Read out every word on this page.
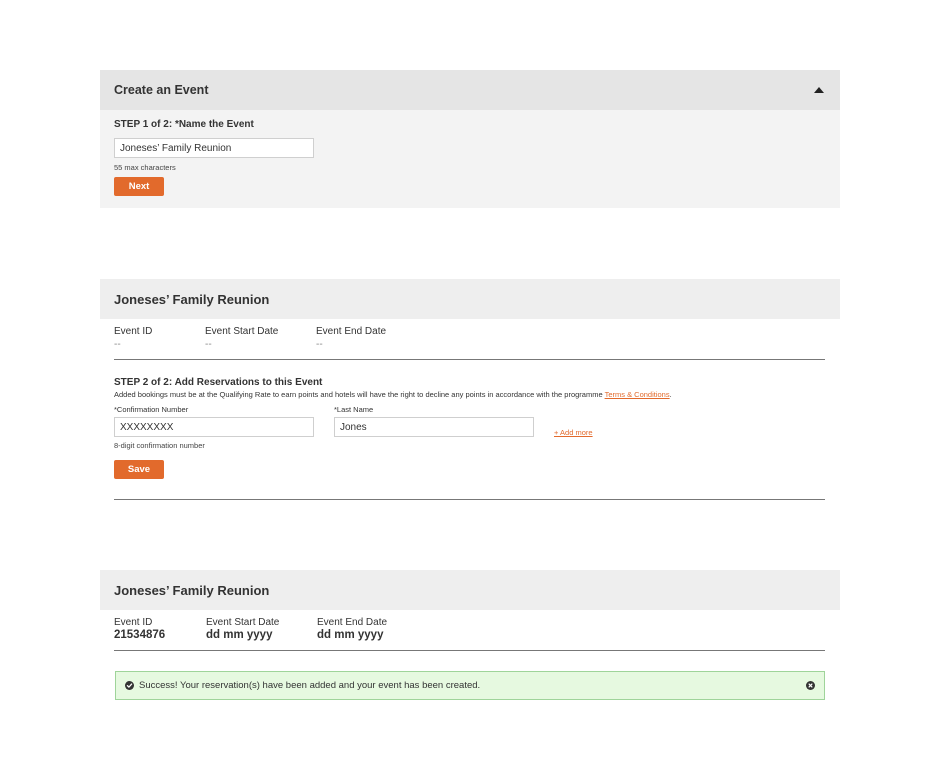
Create an Event
STEP 1 of 2: *Name the Event
Joneses’ Family Reunion
55 max characters
Next
Joneses’ Family Reunion
Event ID
--
Event Start Date
--
Event End Date
--
STEP 2 of 2: Add Reservations to this Event
Added bookings must be at the Qualifying Rate to earn points and hotels will have the right to decline any points in accordance with the programme Terms & Conditions.
*Confirmation Number
XXXXXXXX
8-digit confirmation number
*Last Name
Jones
+ Add more
Save
Joneses’ Family Reunion
Event ID
21534876
Event Start Date
dd mm yyyy
Event End Date
dd mm yyyy
Success! Your reservation(s) have been added and your event has been created.
